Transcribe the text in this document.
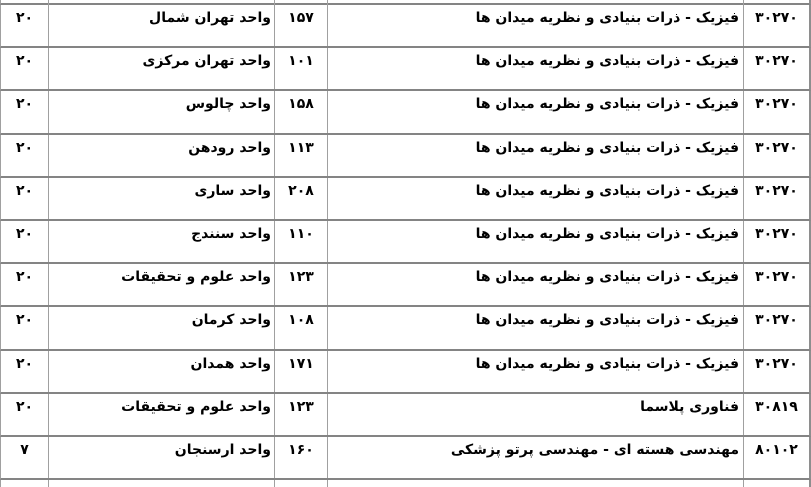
۲۰	واحد تهران شمال	۱۵۷	فیزیک - ذرات بنیادی و نظریه میدان ها	۳۰۲۷۰
۲۰	واحد تهران مرکزی	۱۰۱	فیزیک - ذرات بنیادی و نظریه میدان ها	۳۰۲۷۰
۲۰	واحد چالوس	۱۵۸	فیزیک - ذرات بنیادی و نظریه میدان ها	۳۰۲۷۰
۲۰	واحد رودهن	۱۱۳	فیزیک - ذرات بنیادی و نظریه میدان ها	۳۰۲۷۰
۲۰	واحد ساری	۲۰۸	فیزیک - ذرات بنیادی و نظریه میدان ها	۳۰۲۷۰
۲۰	واحد سنندج	۱۱۰	فیزیک - ذرات بنیادی و نظریه میدان ها	۳۰۲۷۰
۲۰	واحد علوم و تحقیقات	۱۲۳	فیزیک - ذرات بنیادی و نظریه میدان ها	۳۰۲۷۰
۲۰	واحد کرمان	۱۰۸	فیزیک - ذرات بنیادی و نظریه میدان ها	۳۰۲۷۰
۲۰	واحد همدان	۱۷۱	فیزیک - ذرات بنیادی و نظریه میدان ها	۳۰۲۷۰
۲۰	واحد علوم و تحقیقات	۱۲۳	فناوری پلاسما	۳۰۸۱۹
۷	واحد ارسنجان	۱۶۰	مهندسی هسته ای - مهندسی پرتو پزشکی	۸۰۱۰۲
